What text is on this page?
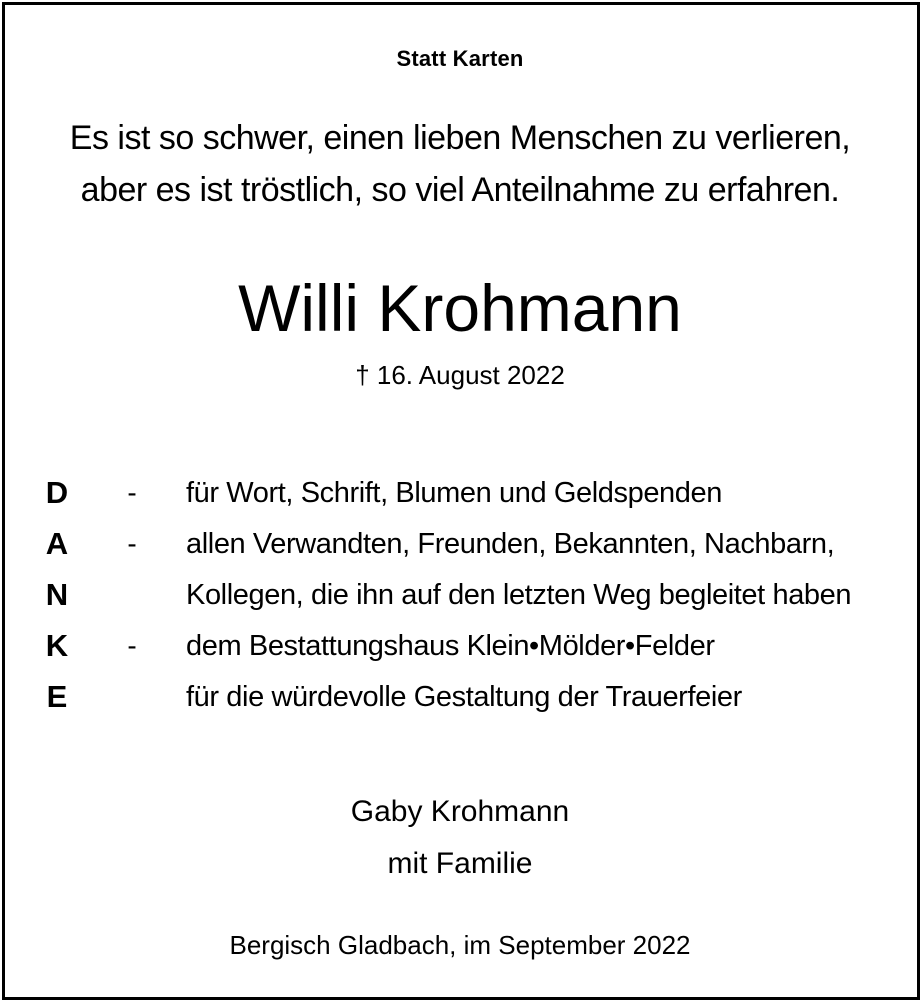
Statt Karten
Es ist so schwer, einen lieben Menschen zu verlieren,
aber es ist tröstlich, so viel Anteilnahme zu erfahren.
Willi Krohmann
† 16. August 2022
D - für Wort, Schrift, Blumen und Geldspenden
A - allen Verwandten, Freunden, Bekannten, Nachbarn,
N	Kollegen, die ihn auf den letzten Weg begleitet haben
K - dem Bestattungshaus Klein•Mölder•Felder
E	für die würdevolle Gestaltung der Trauerfeier
Gaby Krohmann
mit Familie
Bergisch Gladbach, im September 2022
